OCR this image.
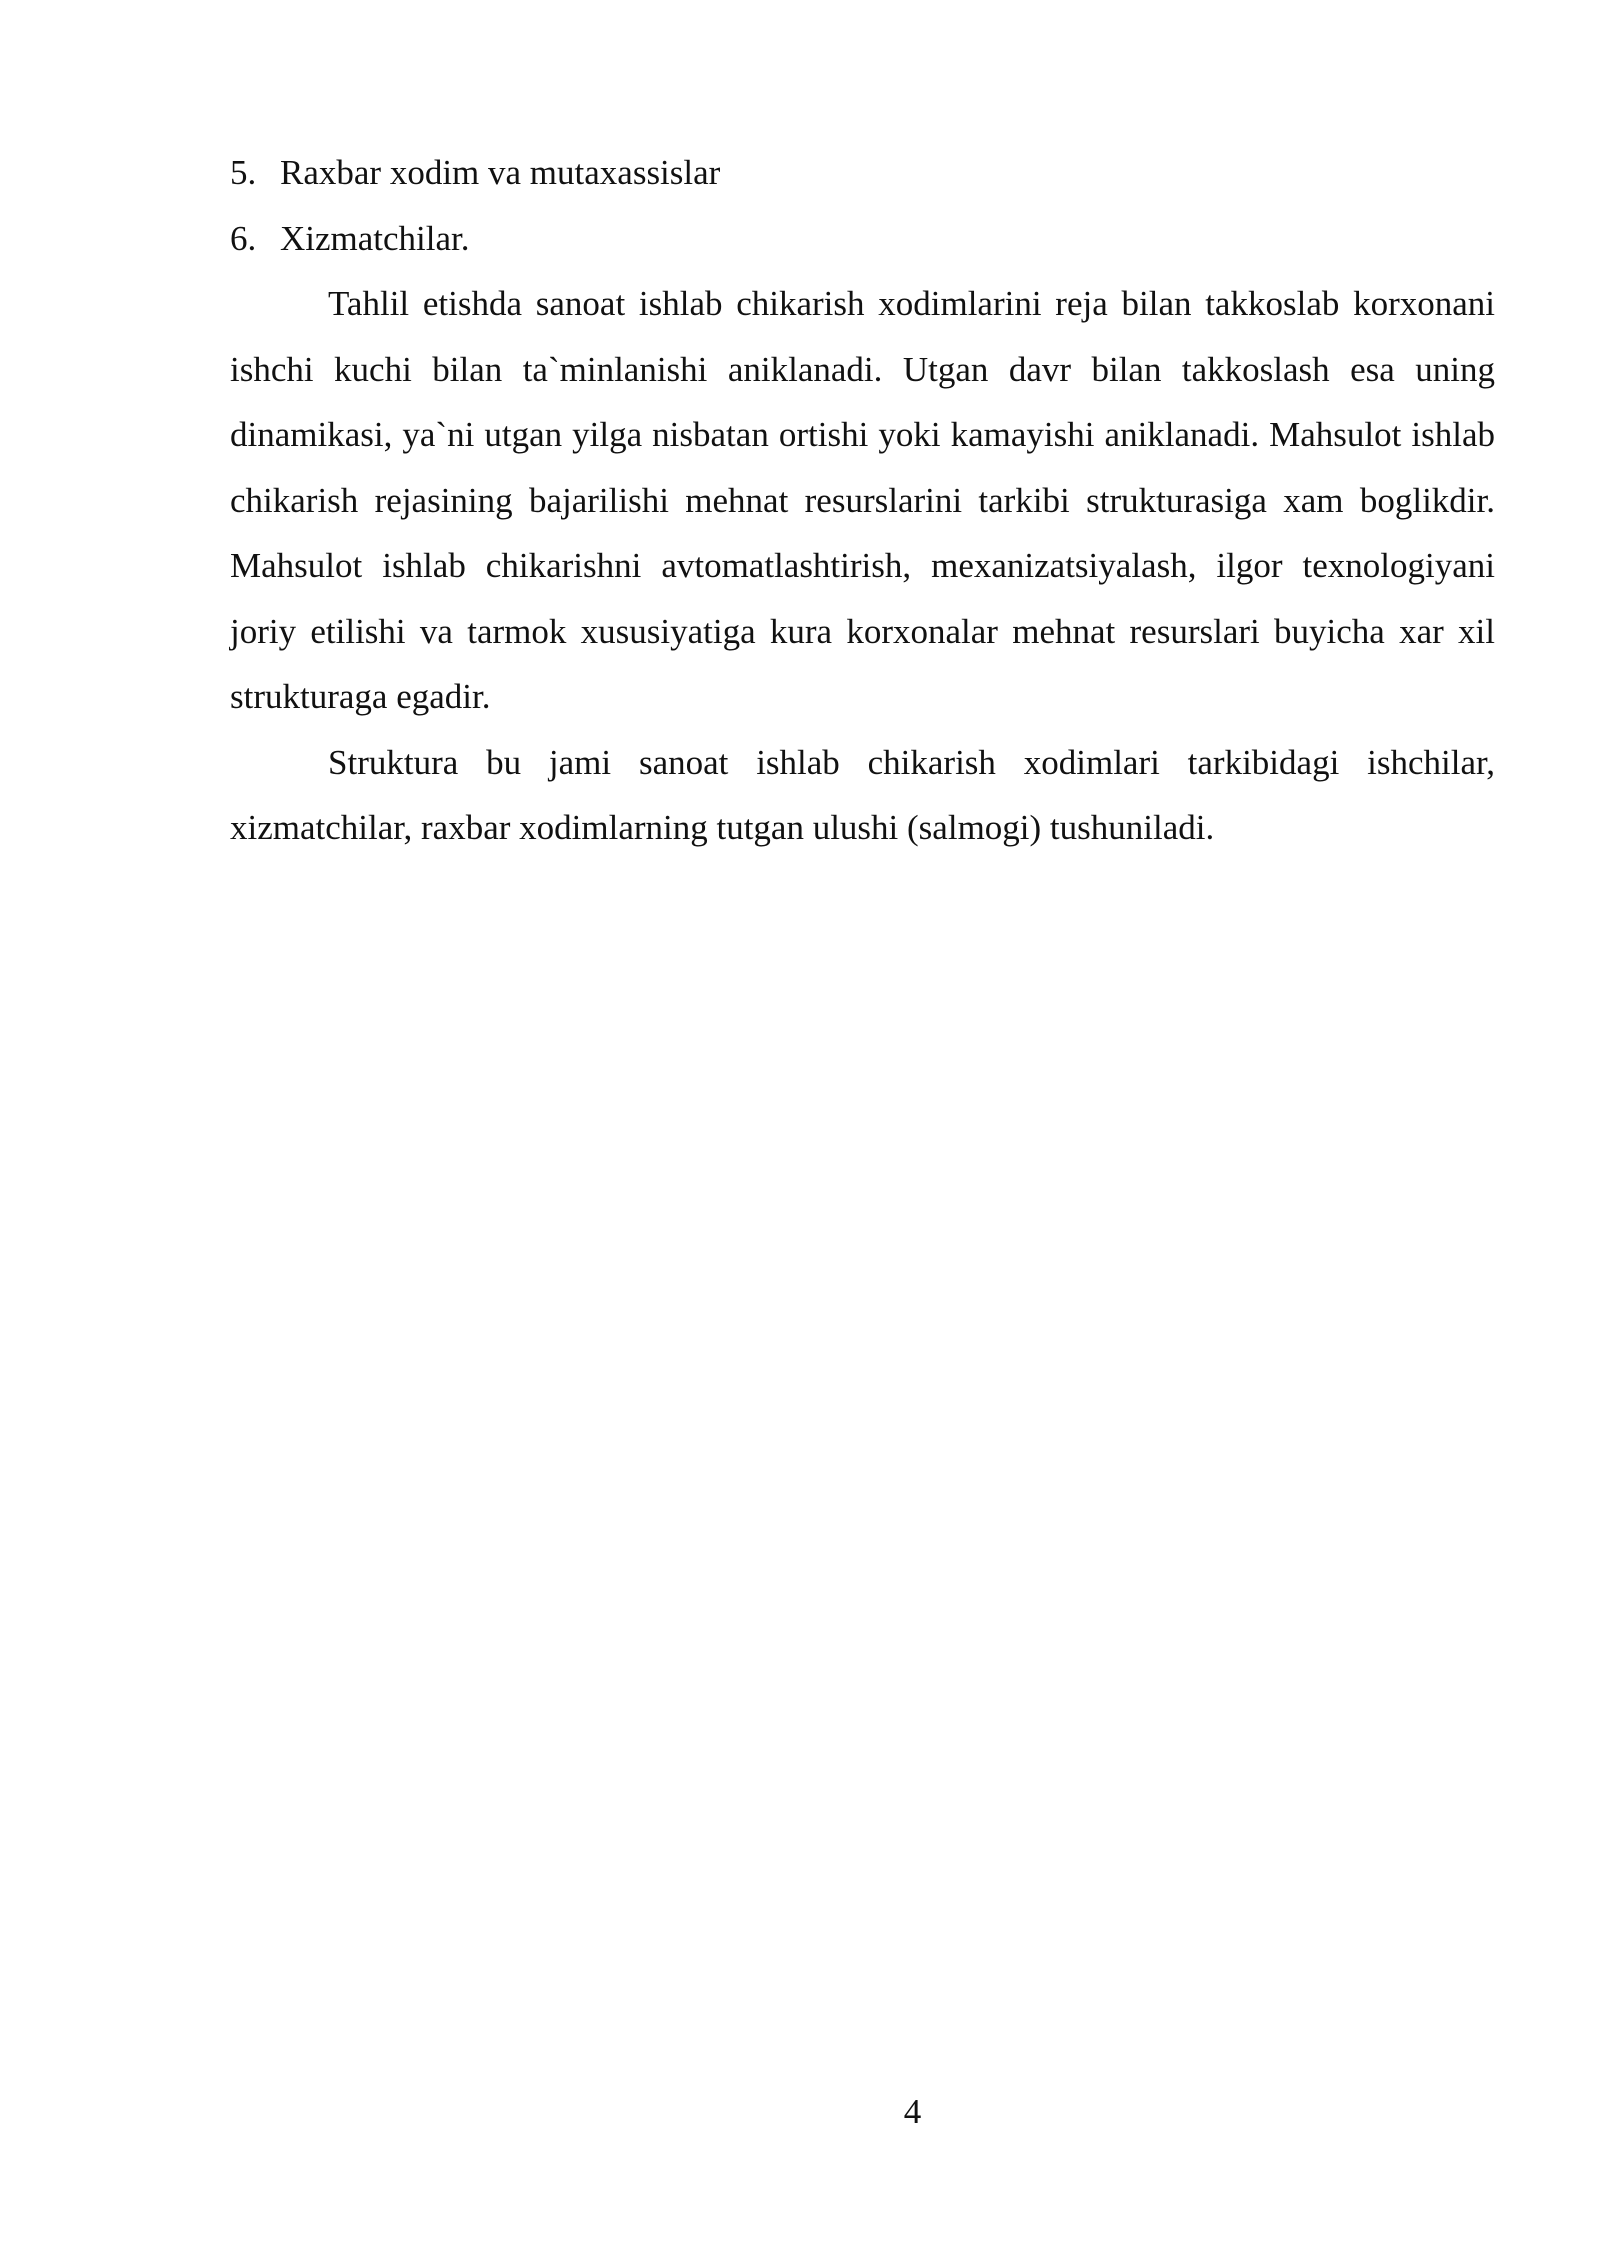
5. Raxbar xodim va mutaxassislar
6. Xizmatchilar.

Tahlil etishda sanoat ishlab chikarish xodimlarini reja bilan takkoslab korxonani ishchi kuchi bilan ta`minlanishi aniklanadi. Utgan davr bilan takkoslash esa uning dinamikasi, ya`ni utgan yilga nisbatan ortishi yoki kamayishi aniklanadi. Mahsulot ishlab chikarish rejasining bajarilishi mehnat resurslarini tarkibi strukturasiga xam boglikdir. Mahsulot ishlab chikarishni avtomatlashtirish, mexanizatsiyalash, ilgor texnologiyani joriy etilishi va tarmok xususiyatiga kura korxonalar mehnat resurslari buyicha xar xil strukturaga egadir.

Struktura bu jami sanoat ishlab chikarish xodimlari tarkibidagi ishchilar, xizmatchilar, raxbar xodimlarning tutgan ulushi (salmogi) tushuniladi.

4
